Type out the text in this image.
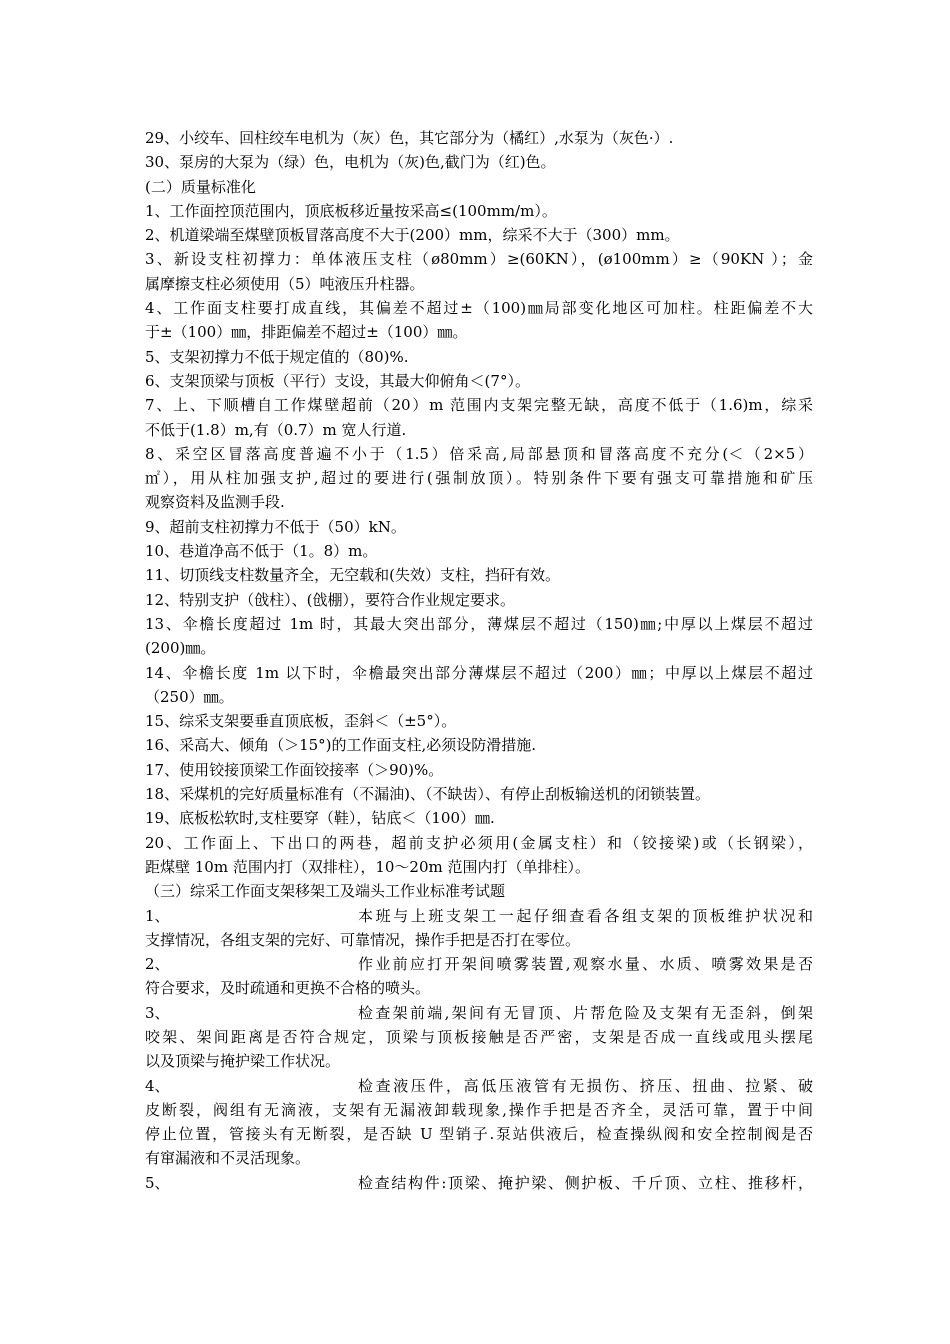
29、小绞车、回柱绞车电机为（灰）色，其它部分为（橘红）,水泵为（灰色·）.
30、泵房的大泵为（绿）色，电机为（灰)色,截门为（红)色。
(二）质量标准化
1、工作面控顶范围内，顶底板移近量按采高≤(100mm/m）。
2、机道梁端至煤壁顶板冒落高度不大于(200）mm，综采不大于（300）mm。
3、新设支柱初撑力：单体液压支柱（ø80mm）≥(60KN），(ø100mm）≥（90KN ）；金
属摩擦支柱必须使用（5）吨液压升柱器。
4、工作面支柱要打成直线，其偏差不超过±（100)㎜局部变化地区可加柱。柱距偏差不大
于±（100）㎜，排距偏差不超过±（100）㎜。
5、支架初撑力不低于规定值的（80)%.
6、支架顶梁与顶板（平行）支设，其最大仰俯角＜(7°）。
7、上、下顺槽自工作煤壁超前（20）m 范围内支架完整无缺，高度不低于（1.6)m，综采
不低于(1.8）m,有（0.7）m 宽人行道.
8、采空区冒落高度普遍不小于（1.5）倍采高,局部悬顶和冒落高度不充分(＜（2×5）
㎡），用从柱加强支护,超过的要进行(强制放顶）。特别条件下要有强支可靠措施和矿压
观察资料及监测手段.
9、超前支柱初撑力不低于（50）kN。
10、巷道净高不低于（1。8）m。
11、切顶线支柱数量齐全，无空载和(失效）支柱，挡矸有效。
12、特别支护（戗柱）、(戗棚），要符合作业规定要求。
13、伞檐长度超过 1m 时，其最大突出部分，薄煤层不超过（150)㎜;中厚以上煤层不超过
(200)㎜。
14、伞檐长度 1m 以下时，伞檐最突出部分薄煤层不超过（200）㎜；中厚以上煤层不超过
（250）㎜。
15、综采支架要垂直顶底板，歪斜＜（±5°）。
16、采高大、倾角（＞15°)的工作面支柱,必须设防滑措施.
17、使用铰接顶梁工作面铰接率（＞90)%。
18、采煤机的完好质量标准有（不漏油)、（不缺齿）、有停止刮板输送机的闭锁装置。
19、底板松软时,支柱要穿（鞋），钻底＜（100）㎜.
20、工作面上、下出口的两巷，超前支护必须用(金属支柱）和（铰接梁)或（长钢梁），
距煤壁 10m 范围内打（双排柱），10～20m 范围内打（单排柱）。
（三）综采工作面支架移架工及端头工作业标准考试题
1、	本班与上班支架工一起仔细查看各组支架的顶板维护状况和
支撑情况，各组支架的完好、可靠情况，操作手把是否打在零位。
2、	作业前应打开架间喷雾装置,观察水量、水质、喷雾效果是否
符合要求，及时疏通和更换不合格的喷头。
3、	检查架前端,架间有无冒顶、片帮危险及支架有无歪斜，倒架
咬架、架间距离是否符合规定，顶梁与顶板接触是否严密，支架是否成一直线或甩头摆尾
以及顶梁与掩护梁工作状况。
4、	检查液压件，高低压液管有无损伤、挤压、扭曲、拉紧、破
皮断裂，阀组有无滴液，支架有无漏液卸载现象,操作手把是否齐全，灵活可靠，置于中间
停止位置，管接头有无断裂，是否缺 U 型销子.泵站供液后，检查操纵阀和安全控制阀是否
有窜漏液和不灵活现象。
5、	检查结构件:顶梁、掩护梁、侧护板、千斤顶、立柱、推移杆，
